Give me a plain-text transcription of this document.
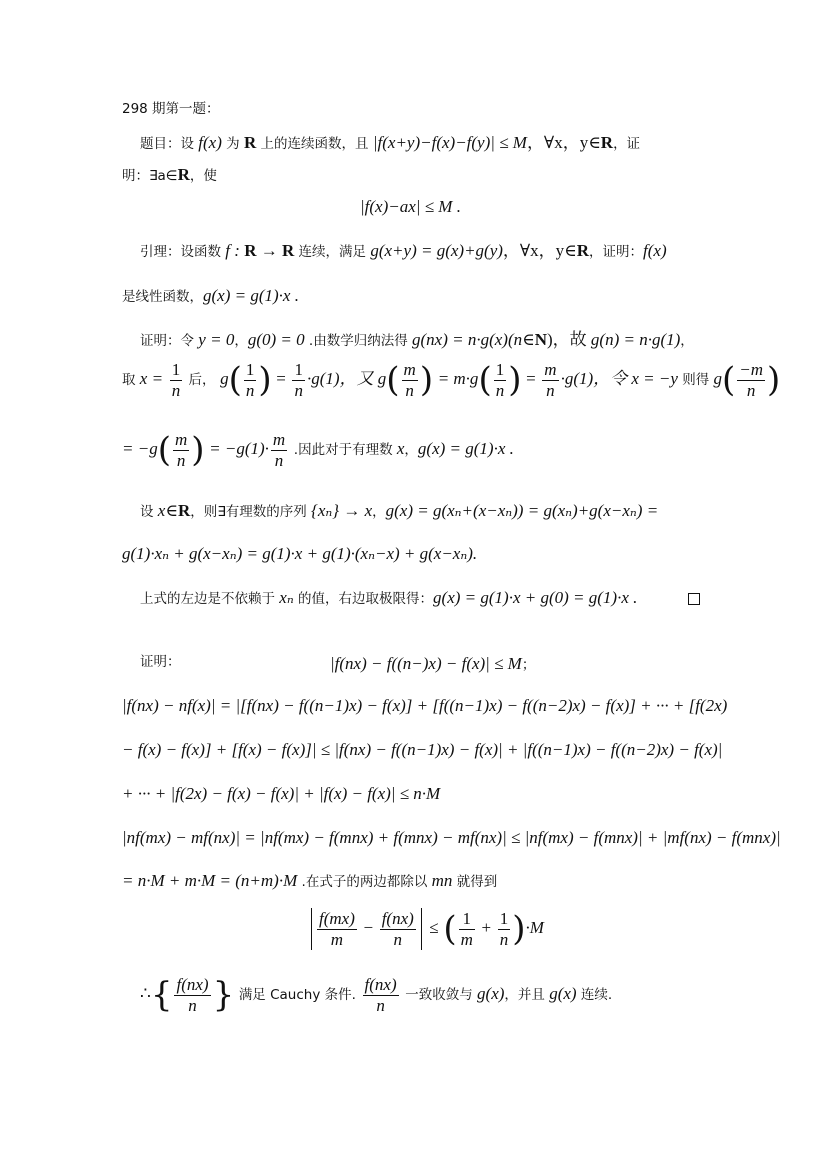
298 期第一题：
题目：设 f(x) 为 R 上的连续函数，且 |f(x+y)−f(x)−f(y)| ≤ M，∀x，y∈R，证
明：∃a∈R，使
|f(x)−ax| ≤ M .
引理：设函数 f : R → R 连续，满足 g(x+y) = g(x)+g(y)，∀x，y∈R，证明：f(x)
是线性函数，g(x) = g(1)·x .
证明：令 y = 0，g(0) = 0 .由数学归纳法得 g(nx) = n·g(x)(n∈N)，故 g(n) = n·g(1)，
取 $x = \frac{1}{n}$ 后， $g( \frac{1}{n}$ ) = $\frac{1}{n} \cdot g(1)$，又 $g( \frac{m}{n}$ ) = $m\cdot g( \frac{1}{n}$ ) = $\frac{m}{n} \cdot g(1)$，令 x = −y 则得 $g( \frac{-m}{n}$ )
= $-g( \frac{m}{n}$ ) = $-g(1)\cdot \frac{m}{n}$ .因此对于有理数 x，g(x) = g(1)·x .
设 x∈R，则∃有理数的序列 {xₙ} → x，g(x) = g(xₙ+(x−xₙ)) = g(xₙ)+g(x−xₙ) =
g(1)·xₙ + g(x−xₙ) = g(1)·x + g(1)·(xₙ−x) + g(x−xₙ).
上式的左边是不依赖于 xₙ 的值，右边取极限得：g(x) = g(1)·x + g(0) = g(1)·x .
证明：	|f(nx) − f((n−)x) − f(x)| ≤ M；
|f(nx) − nf(x)| = |[f(nx) − f((n−1)x) − f(x)] + [f((n−1)x) − f((n−2)x) − f(x)] + ··· + [f(2x)
− f(x) − f(x)] + [f(x) − f(x)]| ≤ |f(nx) − f((n−1)x) − f(x)| + |f((n−1)x) − f((n−2)x) − f(x)|
+ ··· + |f(2x) − f(x) − f(x)| + |f(x) − f(x)| ≤ n·M
|nf(mx) − mf(nx)| = |nf(mx) − f(mnx) + f(mnx) − mf(nx)| ≤ |nf(mx) − f(mnx)| + |mf(nx) − f(mnx)|
= n·M + m·M = (n+m)·M .在式子的两边都除以 mn 就得到
$\frac{f(mx)}{m} - \frac{f(nx)}{n}$ ≤ ( $\frac{1}{m} + \frac{1}{n} )\cdot M$
∴{ $\frac{f(nx)}{n}$ } 满足 Cauchy 条件. $\frac{f(nx)}{n}$ 一致收敛与 g(x)，并且 g(x) 连续.
